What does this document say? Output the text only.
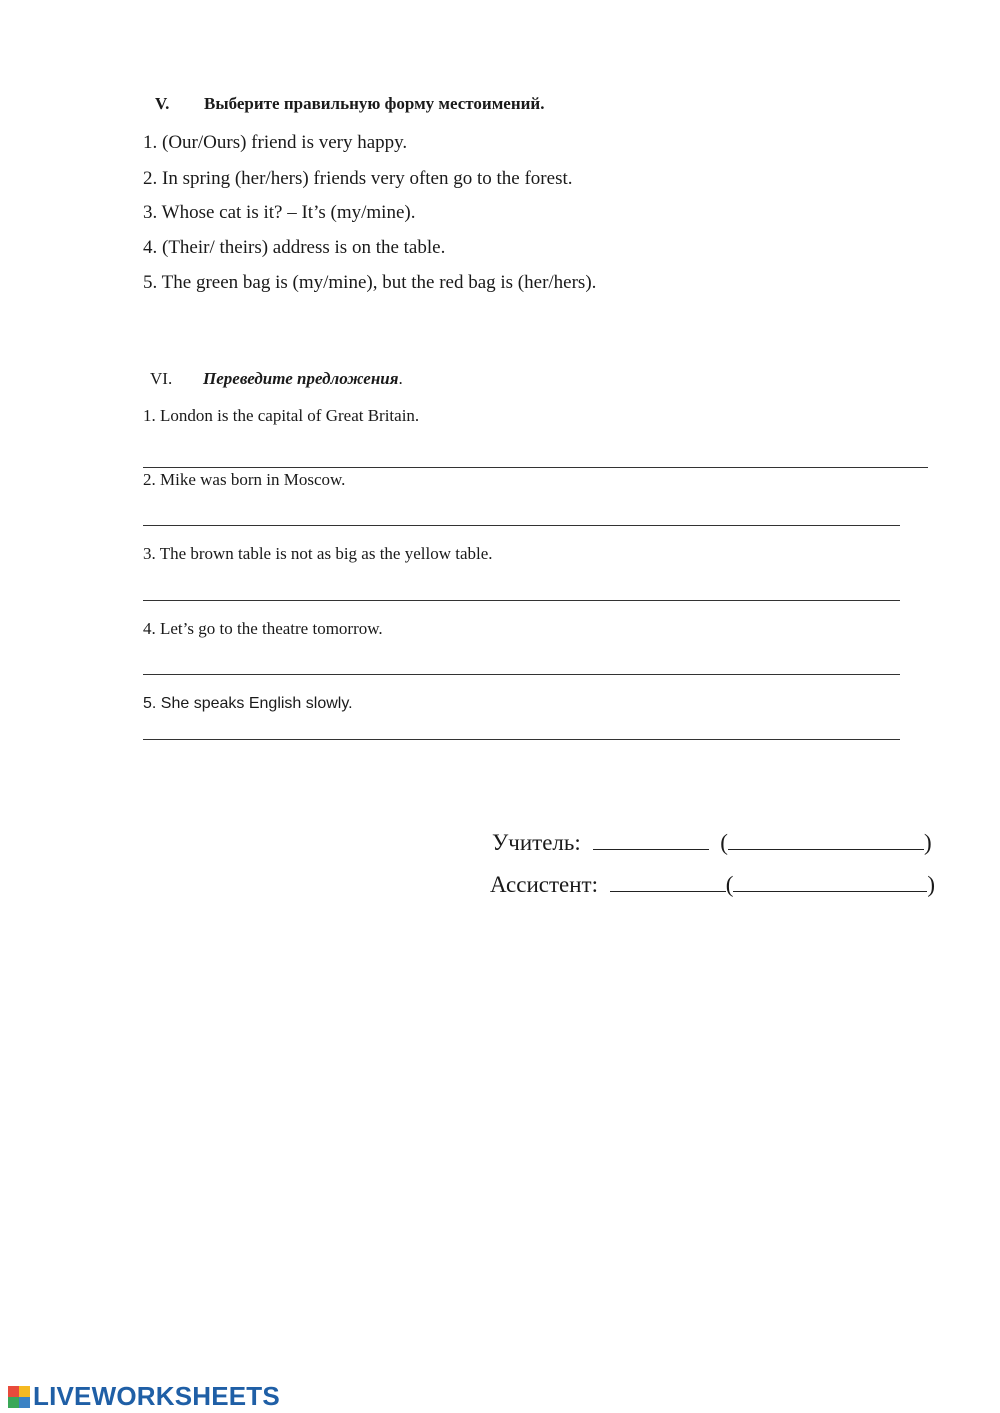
V. Выберите правильную форму местоимений.
1. (Our/Ours) friend is very happy.
2. In spring (her/hers) friends very often go to the forest.
3. Whose cat is it? – It’s (my/mine).
4. (Their/ theirs) address is on the table.
5. The green bag is (my/mine), but the red bag is (her/hers).
VI. Переведите предложения.
1. London is the capital of Great Britain.
2. Mike was born in Moscow.
3. The brown table is not as big as the yellow table.
4. Let’s go to the theatre tomorrow.
5. She speaks English slowly.
Учитель:	(	)
Ассистент:	(	)
LIVEWORKSHEETS
